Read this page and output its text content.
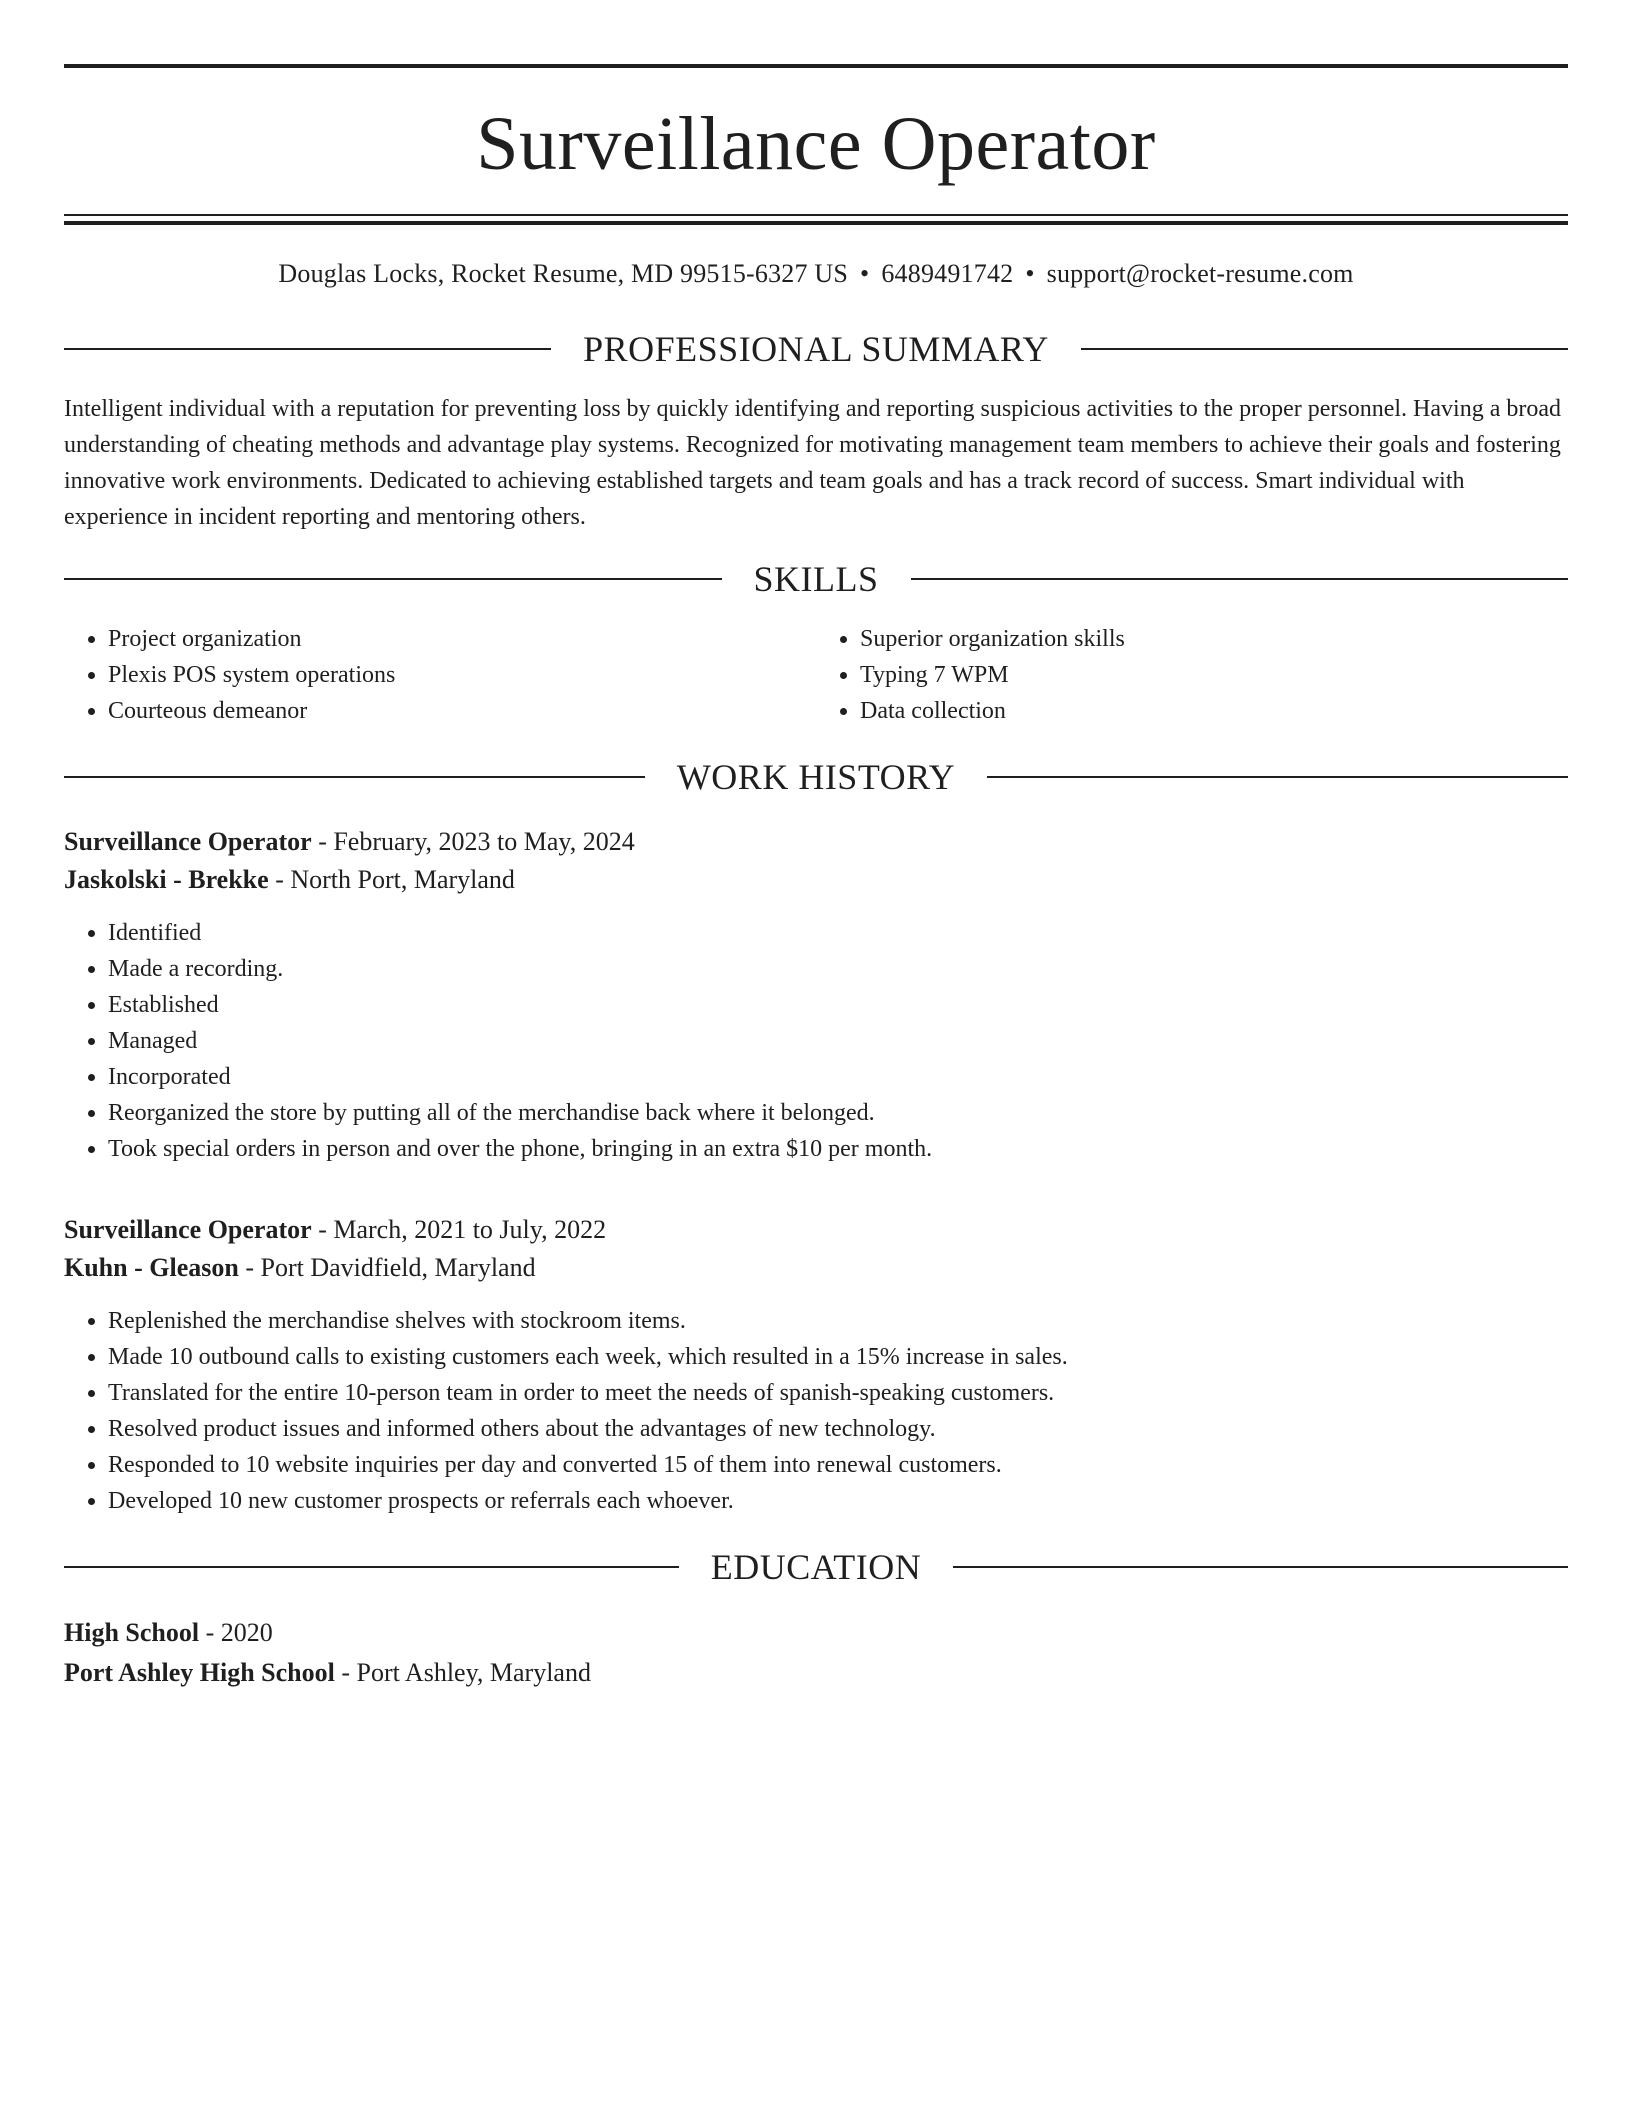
Surveillance Operator
Douglas Locks, Rocket Resume, MD 99515-6327 US • 6489491742 • support@rocket-resume.com
PROFESSIONAL SUMMARY

Intelligent individual with a reputation for preventing loss by quickly identifying and reporting suspicious activities to the proper personnel. Having a broad understanding of cheating methods and advantage play systems. Recognized for motivating management team members to achieve their goals and fostering innovative work environments. Dedicated to achieving established targets and team goals and has a track record of success. Smart individual with experience in incident reporting and mentoring others.

SKILLS
• Project organization
• Plexis POS system operations
• Courteous demeanor
• Superior organization skills
• Typing 7 WPM
• Data collection
WORK HISTORY
Surveillance Operator - February, 2023 to May, 2024
Jaskolski - Brekke - North Port, Maryland
• Identified
• Made a recording.
• Established
• Managed
• Incorporated
• Reorganized the store by putting all of the merchandise back where it belonged.
• Took special orders in person and over the phone, bringing in an extra $10 per month.
Surveillance Operator - March, 2021 to July, 2022
Kuhn - Gleason - Port Davidfield, Maryland
• Replenished the merchandise shelves with stockroom items.
• Made 10 outbound calls to existing customers each week, which resulted in a 15% increase in sales.
• Translated for the entire 10-person team in order to meet the needs of spanish-speaking customers.
• Resolved product issues and informed others about the advantages of new technology.
• Responded to 10 website inquiries per day and converted 15 of them into renewal customers.
• Developed 10 new customer prospects or referrals each whoever.
EDUCATION
High School - 2020
Port Ashley High School - Port Ashley, Maryland
